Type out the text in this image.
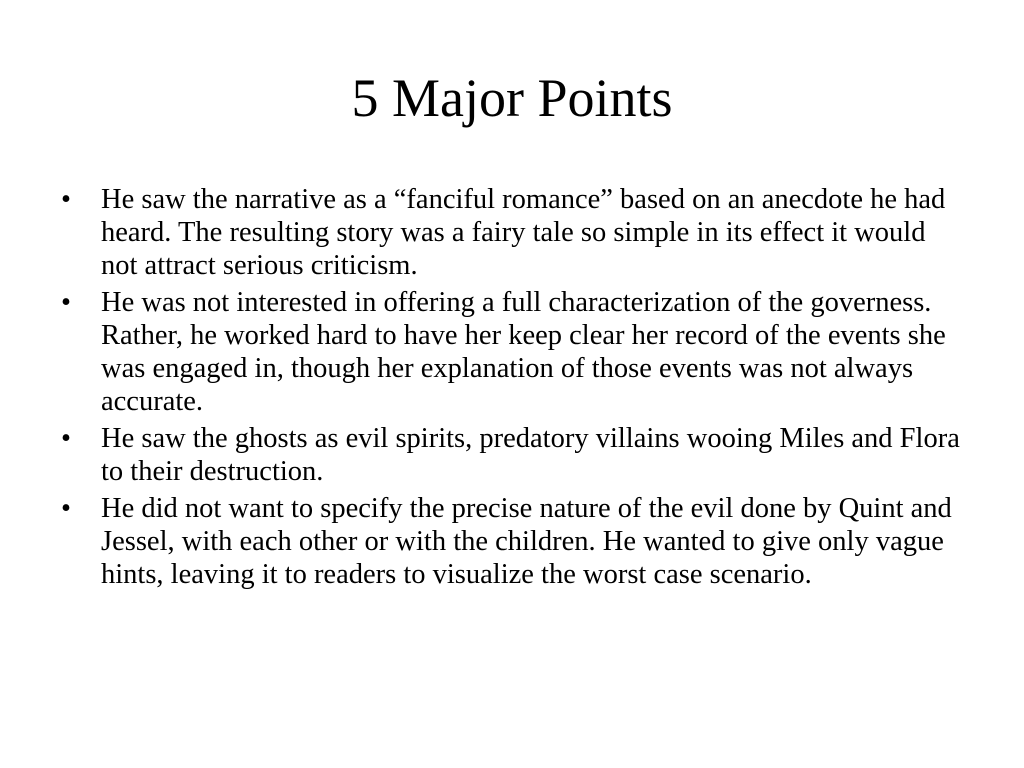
5 Major Points
•	He saw the narrative as a “fanciful romance” based on an anecdote he had heard. The resulting story was a fairy tale so simple in its effect it would not attract serious criticism.
•	He was not interested in offering a full characterization of the governess. Rather, he worked hard to have her keep clear her record of the events she was engaged in, though her explanation of those events was not always accurate.
•	He saw the ghosts as evil spirits, predatory villains wooing Miles and Flora to their destruction.
•	He did not want to specify the precise nature of the evil done by Quint and Jessel, with each other or with the children. He wanted to give only vague hints, leaving it to readers to visualize the worst case scenario.
